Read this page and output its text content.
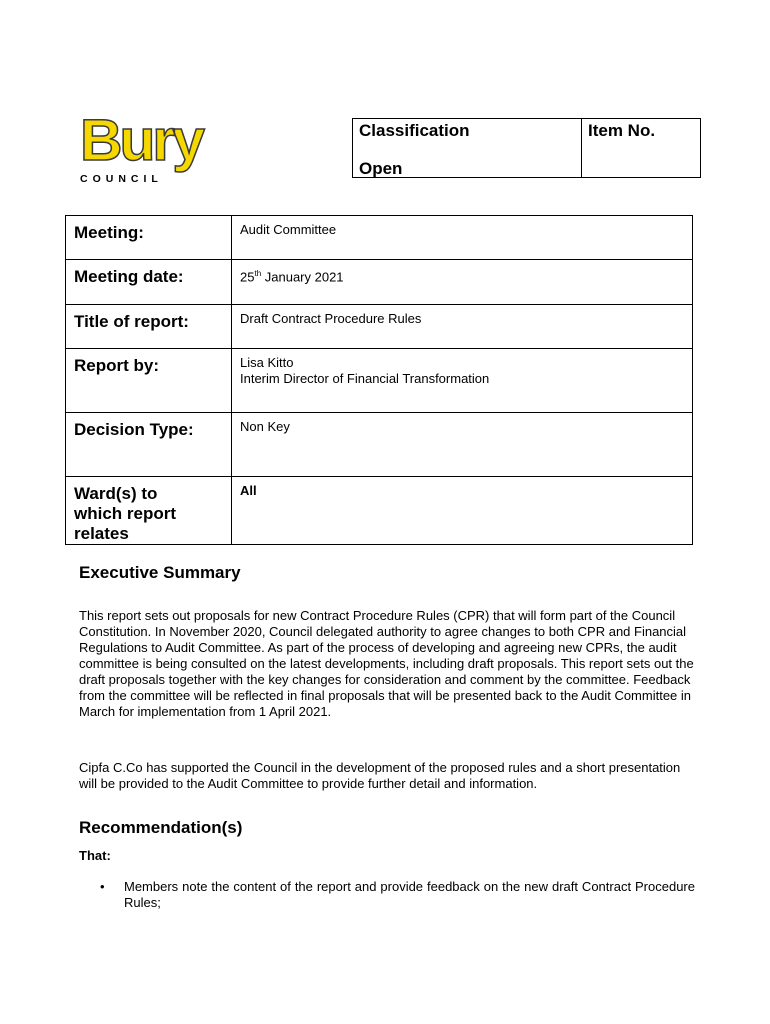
Bury
COUNCIL
Classification
Open

Item No.
Meeting:	Audit Committee
Meeting date:	25th January 2021
Title of report:	Draft Contract Procedure Rules
Report by:	Lisa Kitto
Interim Director of Financial Transformation

Decision Type:	Non Key

Ward(s) to
which report
relates	All
Executive Summary

This report sets out proposals for new Contract Procedure Rules (CPR) that will form part of the Council Constitution. In November 2020, Council delegated authority to agree changes to both CPR and Financial Regulations to Audit Committee. As part of the process of developing and agreeing new CPRs, the audit committee is being consulted on the latest developments, including draft proposals. This report sets out the draft proposals together with the key changes for consideration and comment by the committee. Feedback from the committee will be reflected in final proposals that will be presented back to the Audit Committee in March for implementation from 1 April 2021.

Cipfa C.Co has supported the Council in the development of the proposed rules and a short presentation will be provided to the Audit Committee to provide further detail and information.

Recommendation(s)
That:
•	Members note the content of the report and provide feedback on the new draft Contract Procedure Rules;
